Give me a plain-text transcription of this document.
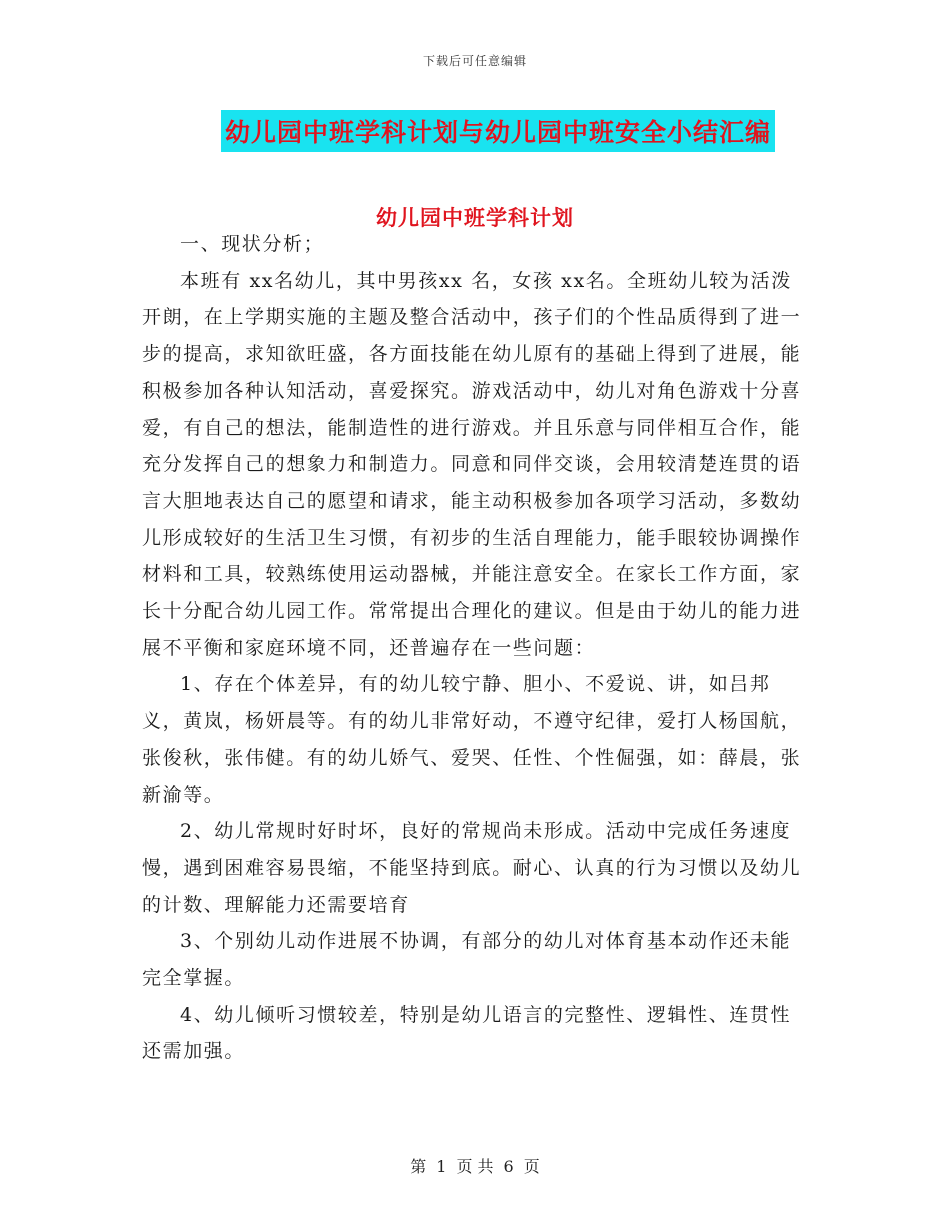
下载后可任意编辑
幼儿园中班学科计划与幼儿园中班安全小结汇编
幼儿园中班学科计划

一、现状分析；

本班有 xx名幼儿，其中男孩xx 名，女孩 xx名。全班幼儿较为活泼开朗，在上学期实施的主题及整合活动中，孩子们的个性品质得到了进一步的提高，求知欲旺盛，各方面技能在幼儿原有的基础上得到了进展，能积极参加各种认知活动，喜爱探究。游戏活动中，幼儿对角色游戏十分喜爱，有自己的想法，能制造性的进行游戏。并且乐意与同伴相互合作，能充分发挥自己的想象力和制造力。同意和同伴交谈，会用较清楚连贯的语言大胆地表达自己的愿望和请求，能主动积极参加各项学习活动，多数幼儿形成较好的生活卫生习惯，有初步的生活自理能力，能手眼较协调操作材料和工具，较熟练使用运动器械，并能注意安全。在家长工作方面，家长十分配合幼儿园工作。常常提出合理化的建议。但是由于幼儿的能力进展不平衡和家庭环境不同，还普遍存在一些问题：

1、存在个体差异，有的幼儿较宁静、胆小、不爱说、讲，如吕邦义，黄岚，杨妍晨等。有的幼儿非常好动，不遵守纪律，爱打人杨国航，张俊秋，张伟健。有的幼儿娇气、爱哭、任性、个性倔强，如：薛晨，张新渝等。

2、幼儿常规时好时坏，良好的常规尚未形成。活动中完成任务速度慢，遇到困难容易畏缩，不能坚持到底。耐心、认真的行为习惯以及幼儿的计数、理解能力还需要培育

3、个别幼儿动作进展不协调，有部分的幼儿对体育基本动作还未能完全掌握。

4、幼儿倾听习惯较差，特别是幼儿语言的完整性、逻辑性、连贯性还需加强。

第 1 页 共 6 页
